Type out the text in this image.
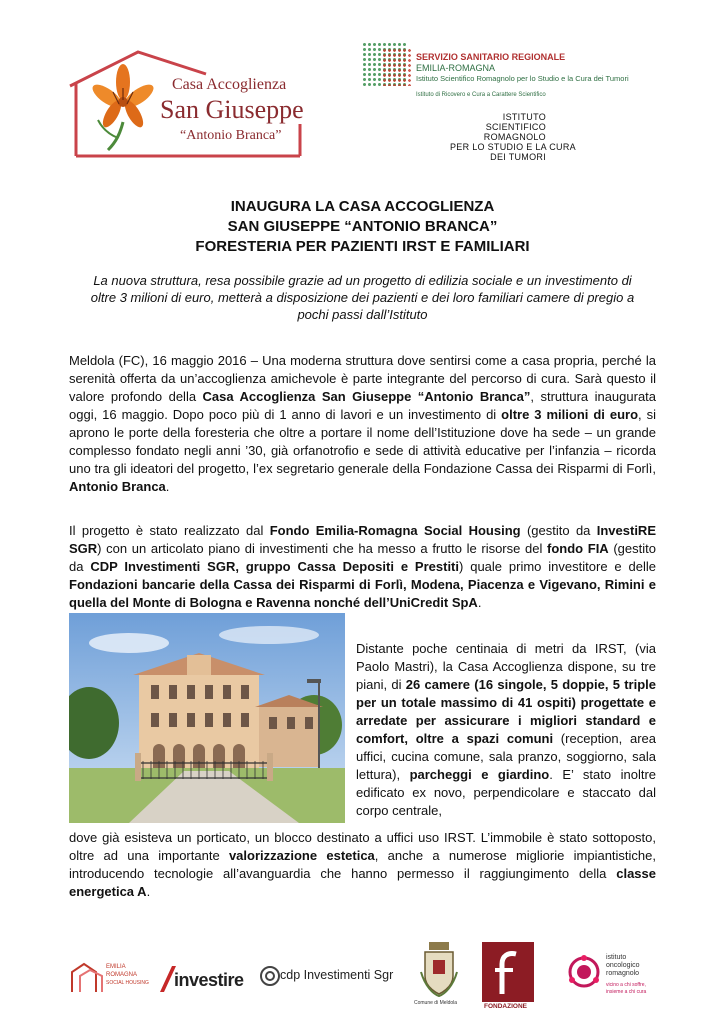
Casa Accoglienza
San Giuseppe
“Antonio Branca”
SERVIZIO SANITARIO REGIONALE
EMILIA-ROMAGNA
Istituto Scientifico Romagnolo per lo Studio e la Cura dei Tumori
Istituto di Ricovero e Cura a Carattere Scientifico
ISTITUTO
SCIENTIFICO
ROMAGNOLO
PER LO STUDIO E LA CURA
DEI TUMORI
INAUGURA LA CASA ACCOGLIENZA
SAN GIUSEPPE “ANTONIO BRANCA”
FORESTERIA PER PAZIENTI IRST E FAMILIARI
La nuova struttura, resa possibile grazie ad un progetto di edilizia sociale e un investimento di oltre 3 milioni di euro, metterà a disposizione dei pazienti e dei loro familiari camere di pregio a pochi passi dall’Istituto
Meldola (FC), 16 maggio 2016 – Una moderna struttura dove sentirsi come a casa propria, perché la serenità offerta da un’accoglienza amichevole è parte integrante del percorso di cura. Sarà questo il valore profondo della Casa Accoglienza San Giuseppe “Antonio Branca”, struttura inaugurata oggi, 16 maggio. Dopo poco più di 1 anno di lavori e un investimento di oltre 3 milioni di euro, si aprono le porte della foresteria che oltre a portare il nome dell’Istituzione dove ha sede – un grande complesso fondato negli anni ’30, già orfanotrofio e sede di attività educative per l’infanzia – ricorda uno tra gli ideatori del progetto, l’ex segretario generale della Fondazione Cassa dei Risparmi di Forlì, Antonio Branca.
Il progetto è stato realizzato dal Fondo Emilia-Romagna Social Housing (gestito da InvestiRE SGR) con un articolato piano di investimenti che ha messo a frutto le risorse del fondo FIA (gestito da CDP Investimenti SGR, gruppo Cassa Depositi e Prestiti) quale primo investitore e delle Fondazioni bancarie della Cassa dei Risparmi di Forlì, Modena, Piacenza e Vigevano, Rimini e quella del Monte di Bologna e Ravenna nonché dell’UniCredit SpA.
Distante poche centinaia di metri da IRST, (via Paolo Mastri), la Casa Accoglienza dispone, su tre piani, di 26 camere (16 singole, 5 doppie, 5 triple per un totale massimo di 41 ospiti) progettate e arredate per assicurare i migliori standard e comfort, oltre a spazi comuni (reception, area uffici, cucina comune, sala pranzo, soggiorno, sala lettura), parcheggi e giardino. E’ stato inoltre edificato ex novo, perpendicolare e staccato dal corpo centrale,
dove già esisteva un porticato, un blocco destinato a uffici uso IRST. L’immobile è stato sottoposto, oltre ad una importante valorizzazione estetica, anche a numerose migliorie impiantistiche, introducendo tecnologie all’avanguardia che hanno permesso il raggiungimento della classe energetica A.
EMILIA
ROMAGNA
SOCIAL HOUSING investire	cdp Investimenti Sgr
Comune di Meldola	FONDAZIONE
istituto
oncologico
romagnolo
vicino a chi soffre,
insieme a chi cura
